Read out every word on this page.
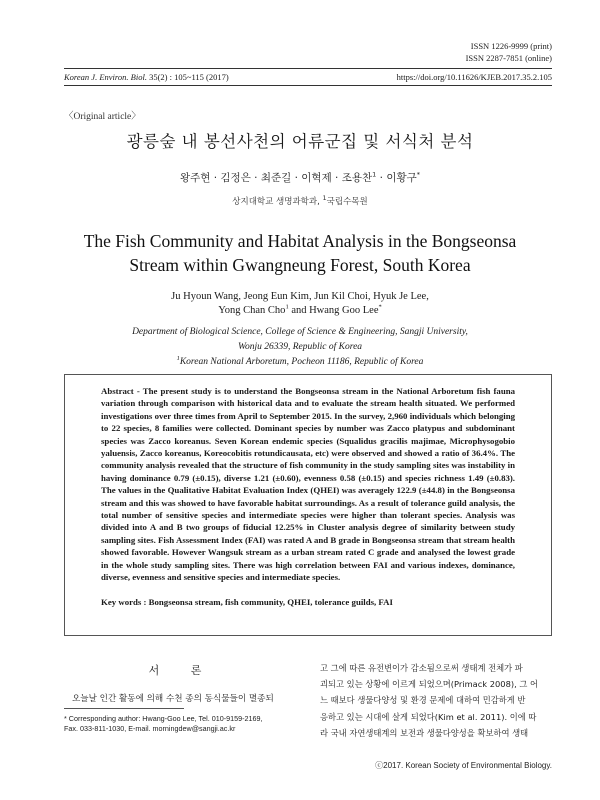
ISSN 1226-9999 (print)
ISSN 2287-7851 (online)
Korean J. Environ. Biol. 35(2) : 105~115 (2017)	https://doi.org/10.11626/KJEB.2017.35.2.105
〈Original article〉
광릉숲 내 봉선사천의 어류군집 및 서식처 분석
왕주현 · 김정은 · 최준길 · 이혁제 · 조용찬$^1$ · 이황구*
상지대학교 생명과학과, $^1$국립수목원
The Fish Community and Habitat Analysis in the Bongseonsa
Stream within Gwangneung Forest, South Korea
Ju Hyoun Wang, Jeong Eun Kim, Jun Kil Choi, Hyuk Je Lee,
Yong Chan Cho$^1$ and Hwang Goo Lee*
Department of Biological Science, College of Science & Engineering, Sangji University,
Wonju 26339, Republic of Korea
$^1$Korean National Arboretum, Pocheon 11186, Republic of Korea

Abstract - The present study is to understand the Bongseonsa stream in the National Arboretum fish fauna variation through comparison with historical data and to evaluate the stream health situated. We performed investigations over three times from April to September 2015. In the survey, 2,960 individuals which belonging to 22 species, 8 families were collected. Dominant species by number was Zacco platypus and subdominant species was Zacco koreanus. Seven Korean endemic species (Squalidus gracilis majimae, Microphysogobio yaluensis, Zacco koreanus, Koreocobitis rotundicausata, etc) were observed and showed a ratio of 36.4%. The community analysis revealed that the structure of fish community in the study sampling sites was instability in having dominance 0.79 (±0.15), diverse 1.21 (±0.60), evenness 0.58 (±0.15) and species richness 1.49 (±0.83). The values in the Qualitative Habitat Evaluation Index (QHEI) was averagely 122.9 (±44.8) in the Bongseonsa stream and this was showed to have favorable habitat surroundings. As a result of tolerance guild analysis, the total number of sensitive species and intermediate species were higher than tolerant species. Analysis was divided into A and B two groups of fiducial 12.25% in Cluster analysis degree of similarity between study sampling sites. Fish Assessment Index (FAI) was rated A and B grade in Bongseonsa stream that stream health showed favorable. However Wangsuk stream as a urban stream rated C grade and analysed the lowest grade in the whole study sampling sites. There was high correlation between FAI and various indexes, dominance, diverse, evenness and sensitive species and intermediate species.

Key words : Bongseonsa stream, fish community, QHEI, tolerance guilds, FAI

서 론
오늘날 인간 활동에 의해 수천 종의 동식물들이 멸종되
* Corresponding author: Hwang-Goo Lee, Tel. 010-9159-2169,
Fax. 033-811-1030, E-mail. morningdew@sangji.ac.kr
고 그에 따른 유전변이가 감소됨으로써 생태계 전체가 파
괴되고 있는 상황에 이르게 되었으며(Primack 2008), 그 어
느 때보다 생물다양성 및 환경 문제에 대하여 민감하게 반
응하고 있는 시대에 살게 되었다(Kim et al. 2011). 이에 따
라 국내 자연생태계의 보전과 생물다양성을 확보하여 생태
ⓒ2017. Korean Society of Environmental Biology.
